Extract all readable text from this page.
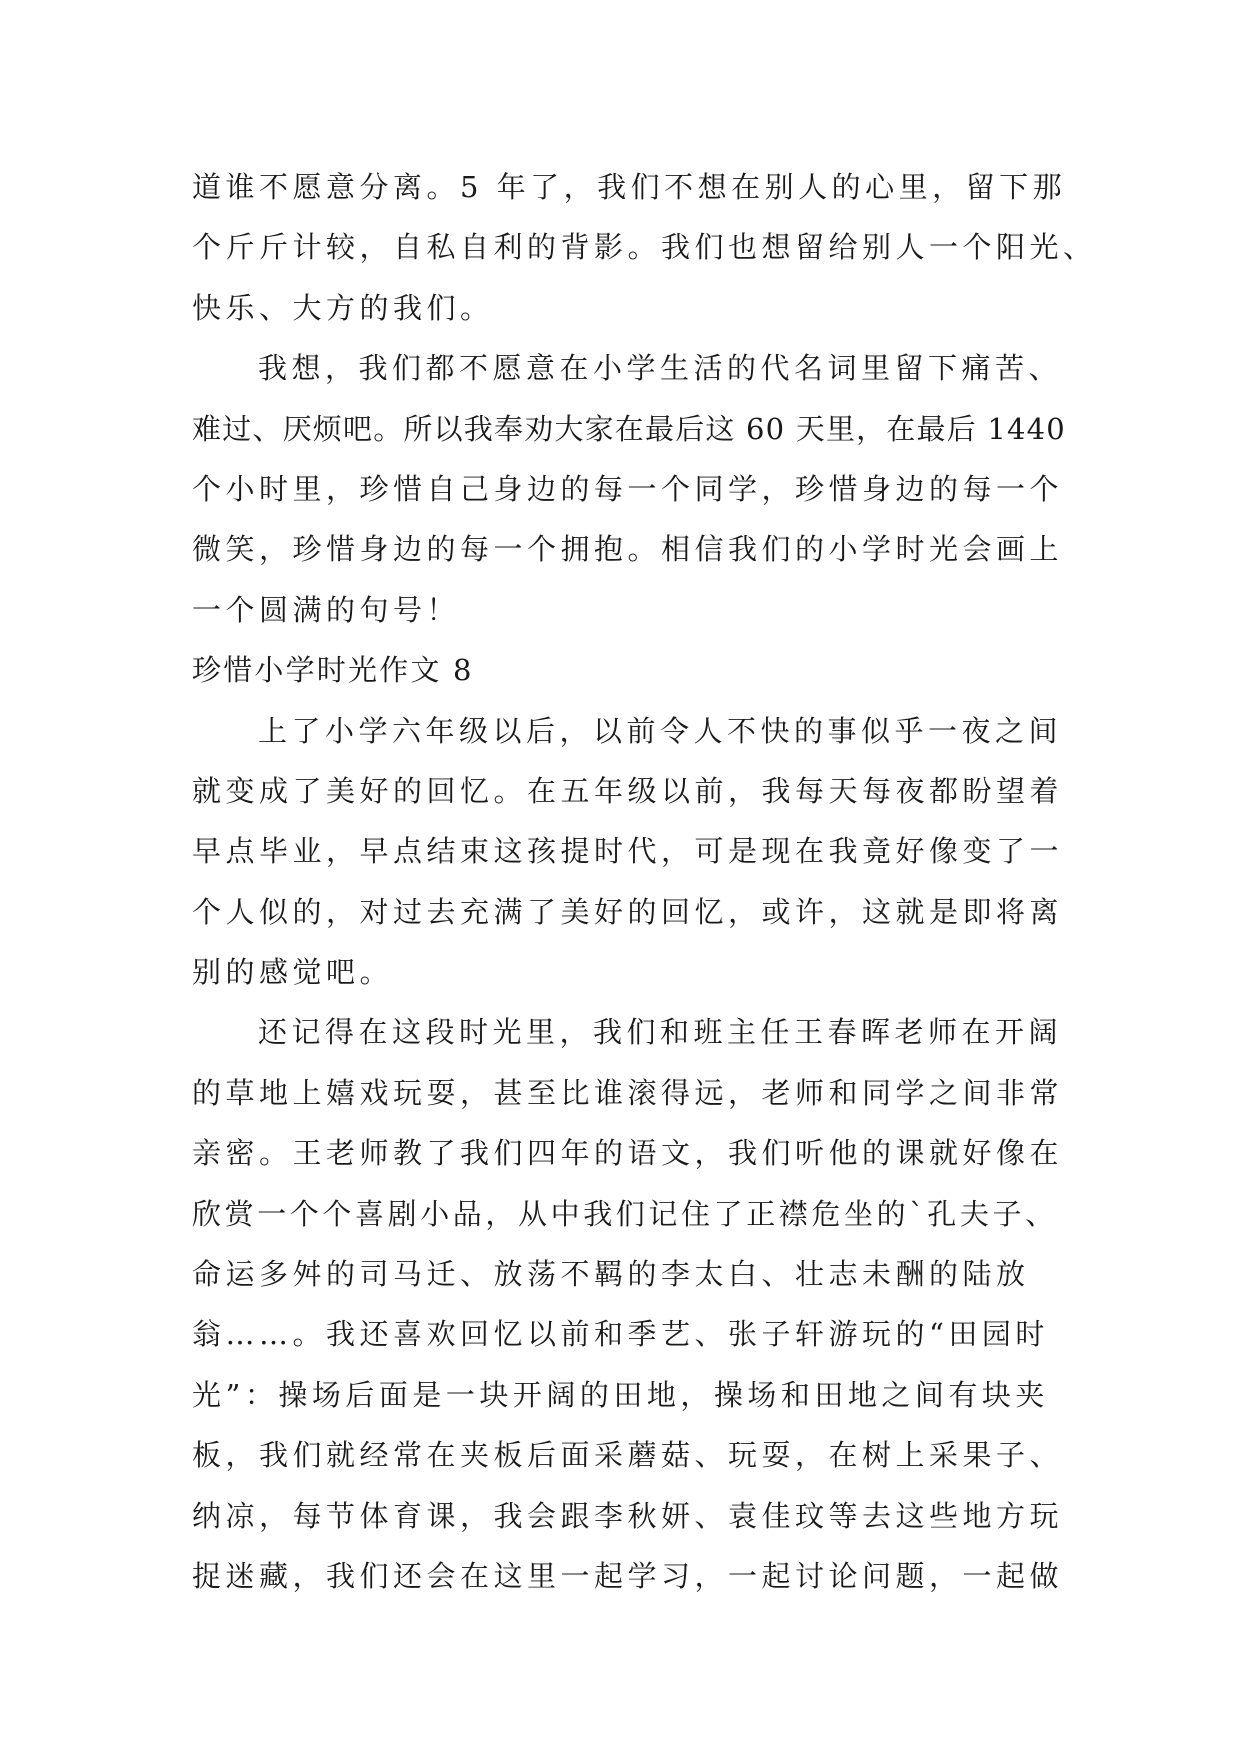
道谁不愿意分离。5 年了，我们不想在别人的心里，留下那
个斤斤计较，自私自利的背影。我们也想留给别人一个阳光、
快乐、大方的我们。
我想，我们都不愿意在小学生活的代名词里留下痛苦、
难过、厌烦吧。所以我奉劝大家在最后这 60 天里，在最后 1440
个小时里，珍惜自己身边的每一个同学，珍惜身边的每一个
微笑，珍惜身边的每一个拥抱。相信我们的小学时光会画上
一个圆满的句号！
珍惜小学时光作文 8
上了小学六年级以后，以前令人不快的事似乎一夜之间
就变成了美好的回忆。在五年级以前，我每天每夜都盼望着
早点毕业，早点结束这孩提时代，可是现在我竟好像变了一
个人似的，对过去充满了美好的回忆，或许，这就是即将离
别的感觉吧。
还记得在这段时光里，我们和班主任王春晖老师在开阔
的草地上嬉戏玩耍，甚至比谁滚得远，老师和同学之间非常
亲密。王老师教了我们四年的语文，我们听他的课就好像在
欣赏一个个喜剧小品，从中我们记住了正襟危坐的`孔夫子、
命运多舛的司马迁、放荡不羁的李太白、壮志未酬的陆放
翁……。我还喜欢回忆以前和季艺、张子轩游玩的“田园时
光”：操场后面是一块开阔的田地，操场和田地之间有块夹
板，我们就经常在夹板后面采蘑菇、玩耍，在树上采果子、
纳凉，每节体育课，我会跟李秋妍、袁佳玟等去这些地方玩
捉迷藏，我们还会在这里一起学习，一起讨论问题，一起做
